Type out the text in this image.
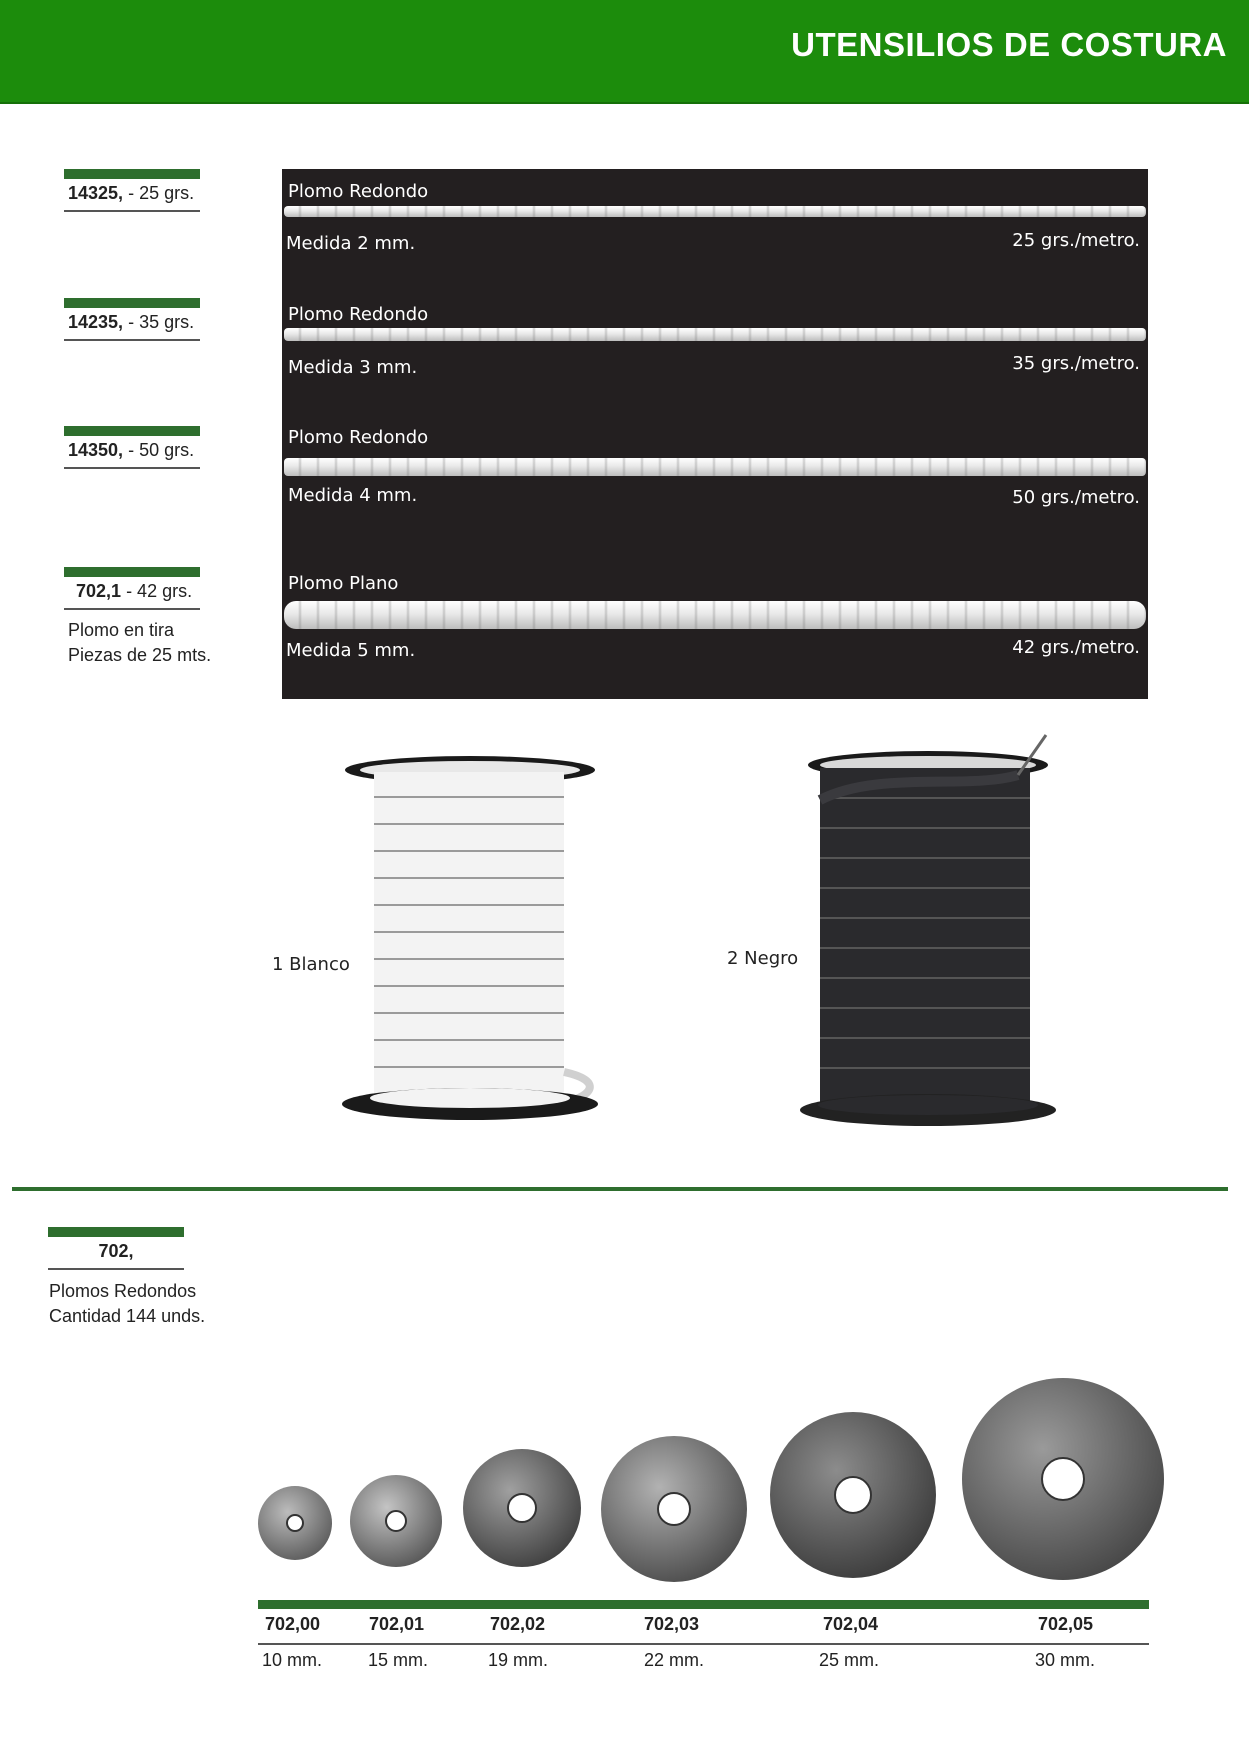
UTENSILIOS DE COSTURA
14325, - 25 grs.
14235, - 35 grs.
14350, - 50 grs.
702,1 - 42 grs.
Plomo en tira
Piezas de 25 mts.
Plomo Redondo
Medida 2 mm.	25 grs./metro.
Plomo Redondo
Medida 3 mm.	35 grs./metro.
Plomo Redondo
Medida 4 mm.	50 grs./metro.
Plomo Plano
Medida 5 mm.	42 grs./metro.
1 Blanco	2 Negro
702,
Plomos Redondos
Cantidad 144 unds.
702,00	702,01	702,02	702,03	702,04	702,05
10 mm.	15 mm.	19 mm.	22 mm.	25 mm.	30 mm.
